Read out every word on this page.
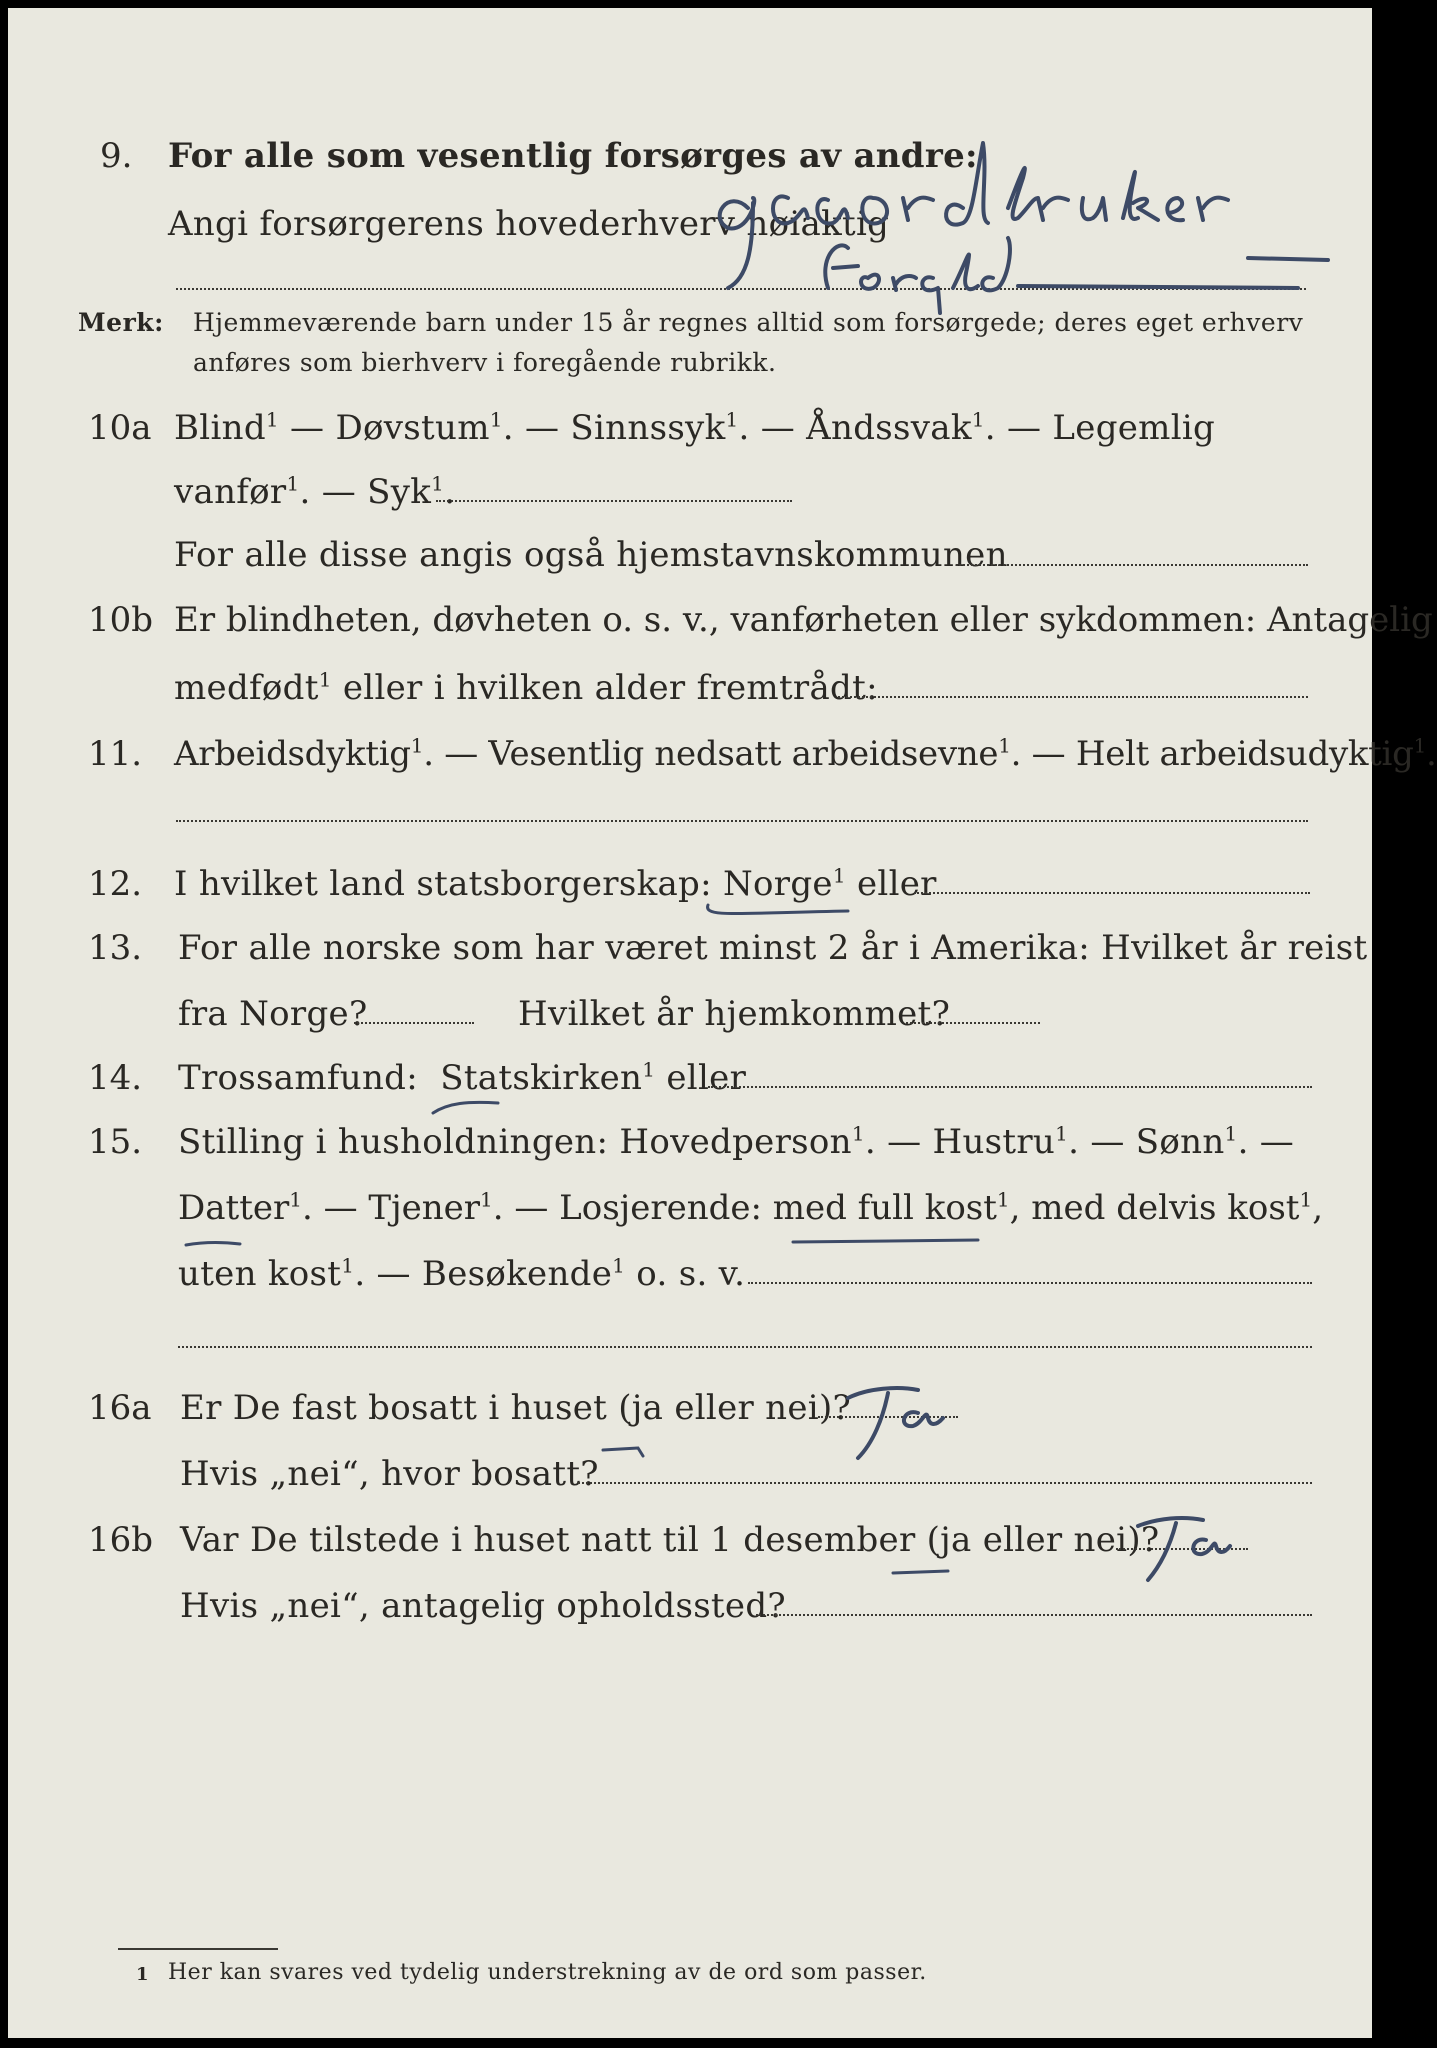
9. For alle som vesentlig forsørges av andre:
Angi forsørgerens hovederhverv nøiaktig
Merk: Hjemmeværende barn under 15 år regnes alltid som forsørgede; deres eget erhverv
anføres som bierhverv i foregående rubrikk.
10a Blind$^1$ — Døvstum$^1$. — Sinnssyk$^1$. — Åndssvak$^1$. — Legemlig
vanfør$^1$. — Syk$^1$.
For alle disse angis også hjemstavnskommunen
10b Er blindheten, døvheten o. s. v., vanførheten eller sykdommen: Antagelig
medfødt$^1$ eller i hvilken alder fremtrådt:
11. Arbeidsdyktig$^1$. — Vesentlig nedsatt arbeidsevne$^1$. — Helt arbeidsudyktig$^1$.
12. I hvilket land statsborgerskap: Norge$^1$ eller
13. For alle norske som har været minst 2 år i Amerika: Hvilket år reist
fra Norge?	Hvilket år hjemkommet?
14. Trossamfund: Statskirken$^1$ eller
15. Stilling i husholdningen: Hovedperson$^1$. — Hustru$^1$. — Sønn$^1$. —
Datter$^1$. — Tjener$^1$. — Losjerende: med full kost$^1$, med delvis kost$^1$,
uten kost$^1$. — Besøkende$^1$ o. s. v.
16a Er De fast bosatt i huset (ja eller nei)?
Hvis „nei“, hvor bosatt?
16b Var De tilstede i huset natt til 1 desember (ja eller nei)?
Hvis „nei“, antagelig opholdssted?
1 Her kan svares ved tydelig understrekning av de ord som passer.
